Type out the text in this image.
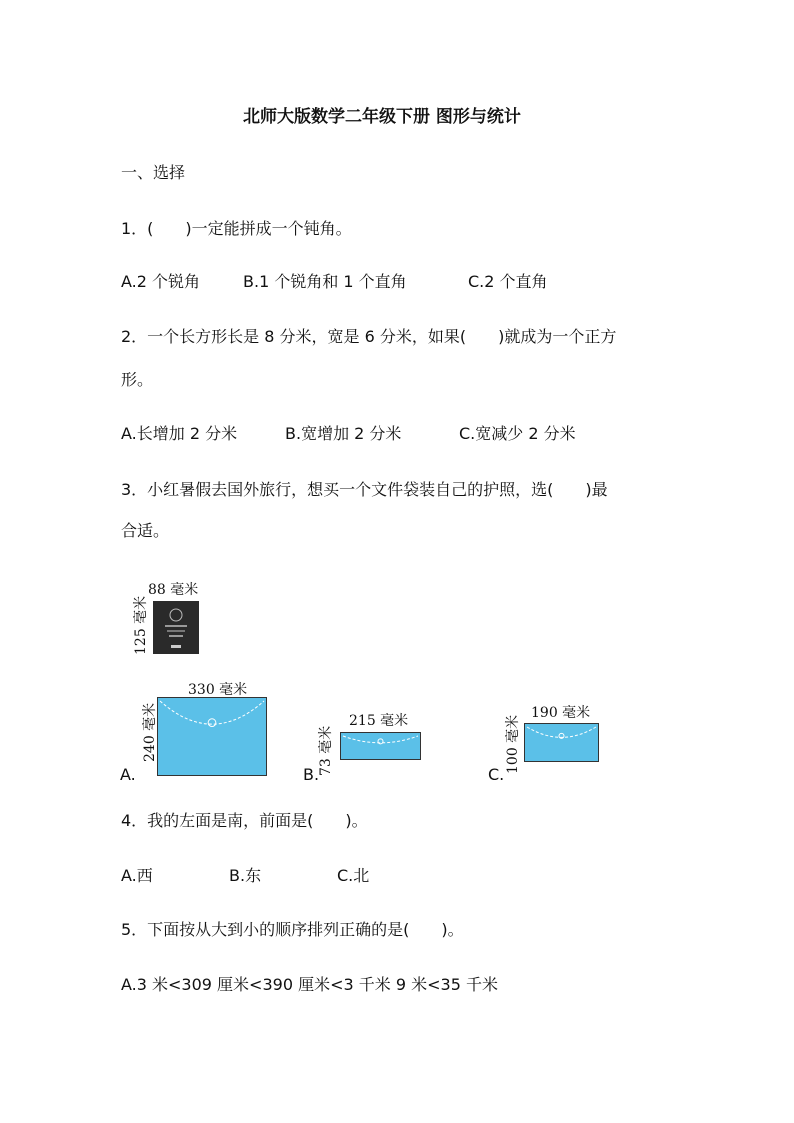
北师大版数学二年级下册 图形与统计
一、选择
1．(　　)一定能拼成一个钝角。
A.2 个锐角	B.1 个锐角和 1 个直角	C.2 个直角
2．一个长方形长是 8 分米，宽是 6 分米，如果(　　)就成为一个正方
形。
A.长增加 2 分米	B.宽增加 2 分米	C.宽减少 2 分米
3．小红暑假去国外旅行，想买一个文件袋装自己的护照，选(　　)最
合适。
88 毫米
125 毫米
330 毫米
240 毫米
A.
215 毫米
73 毫米
B.
190 毫米
100 毫米
C.
4．我的左面是南，前面是(　　)。
A.西	B.东	C.北
5．下面按从大到小的顺序排列正确的是(　　)。
A.3 米<309 厘米<390 厘米<3 千米 9 米<35 千米
